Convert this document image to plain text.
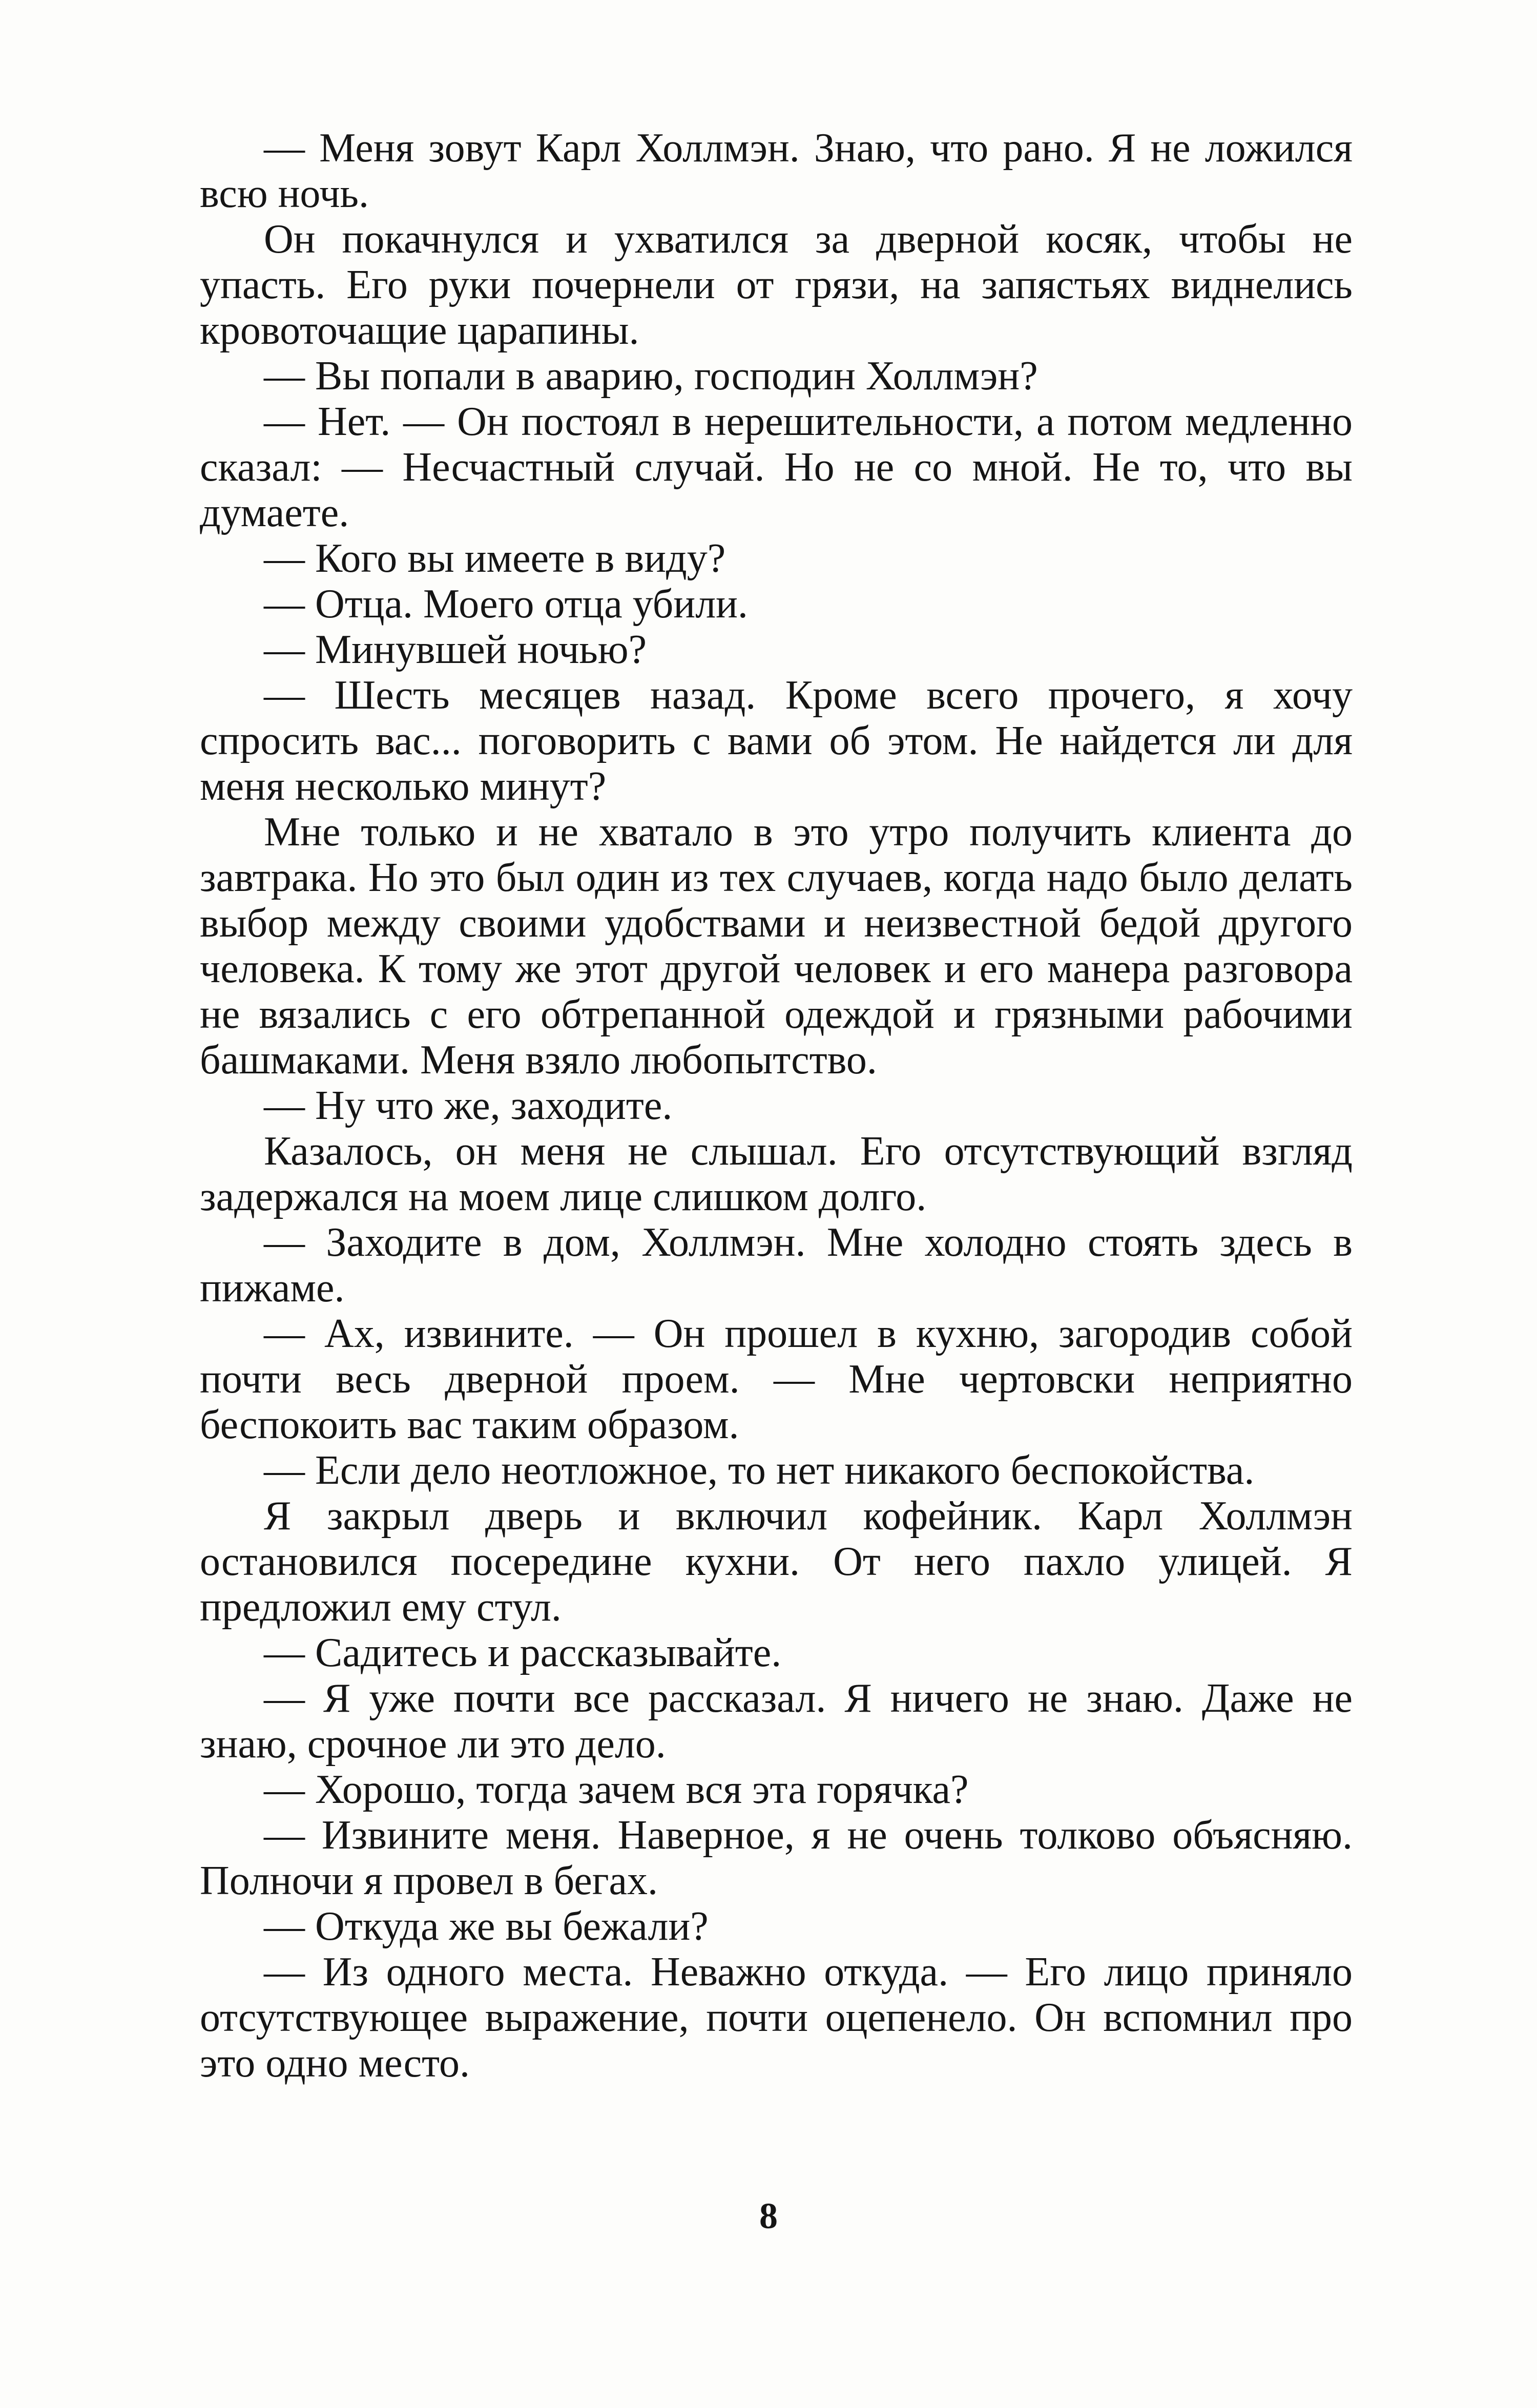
— Меня зовут Карл Холлмэн. Знаю, что рано. Я не ложился всю ночь.

Он покачнулся и ухватился за дверной косяк, чтобы не упасть. Его руки почернели от грязи, на запястьях виднелись кровоточащие царапины.

— Вы попали в аварию, господин Холлмэн?

— Нет. — Он постоял в нерешительности, а потом медленно сказал: — Несчастный случай. Но не со мной. Не то, что вы думаете.

— Кого вы имеете в виду?

— Отца. Моего отца убили.

— Минувшей ночью?

— Шесть месяцев назад. Кроме всего прочего, я хочу спросить вас... поговорить с вами об этом. Не найдется ли для меня несколько минут?

Мне только и не хватало в это утро получить клиента до завтрака. Но это был один из тех случаев, когда надо было делать выбор между своими удобствами и неизвестной бедой другого человека. К тому же этот другой человек и его манера разговора не вязались с его обтрепанной одеждой и грязными рабочими башмаками. Меня взяло любопытство.

— Ну что же, заходите.

Казалось, он меня не слышал. Его отсутствующий взгляд задержался на моем лице слишком долго.

— Заходите в дом, Холлмэн. Мне холодно стоять здесь в пижаме.

— Ах, извините. — Он прошел в кухню, загородив собой почти весь дверной проем. — Мне чертовски неприятно беспокоить вас таким образом.

— Если дело неотложное, то нет никакого беспокойства.

Я закрыл дверь и включил кофейник. Карл Холлмэн остановился посередине кухни. От него пахло улицей. Я предложил ему стул.

— Садитесь и рассказывайте.

— Я уже почти все рассказал. Я ничего не знаю. Даже не знаю, срочное ли это дело.

— Хорошо, тогда зачем вся эта горячка?

— Извините меня. Наверное, я не очень толково объясняю. Полночи я провел в бегах.

— Откуда же вы бежали?

— Из одного места. Неважно откуда. — Его лицо приняло отсутствующее выражение, почти оцепенело. Он вспомнил про это одно место.

8
